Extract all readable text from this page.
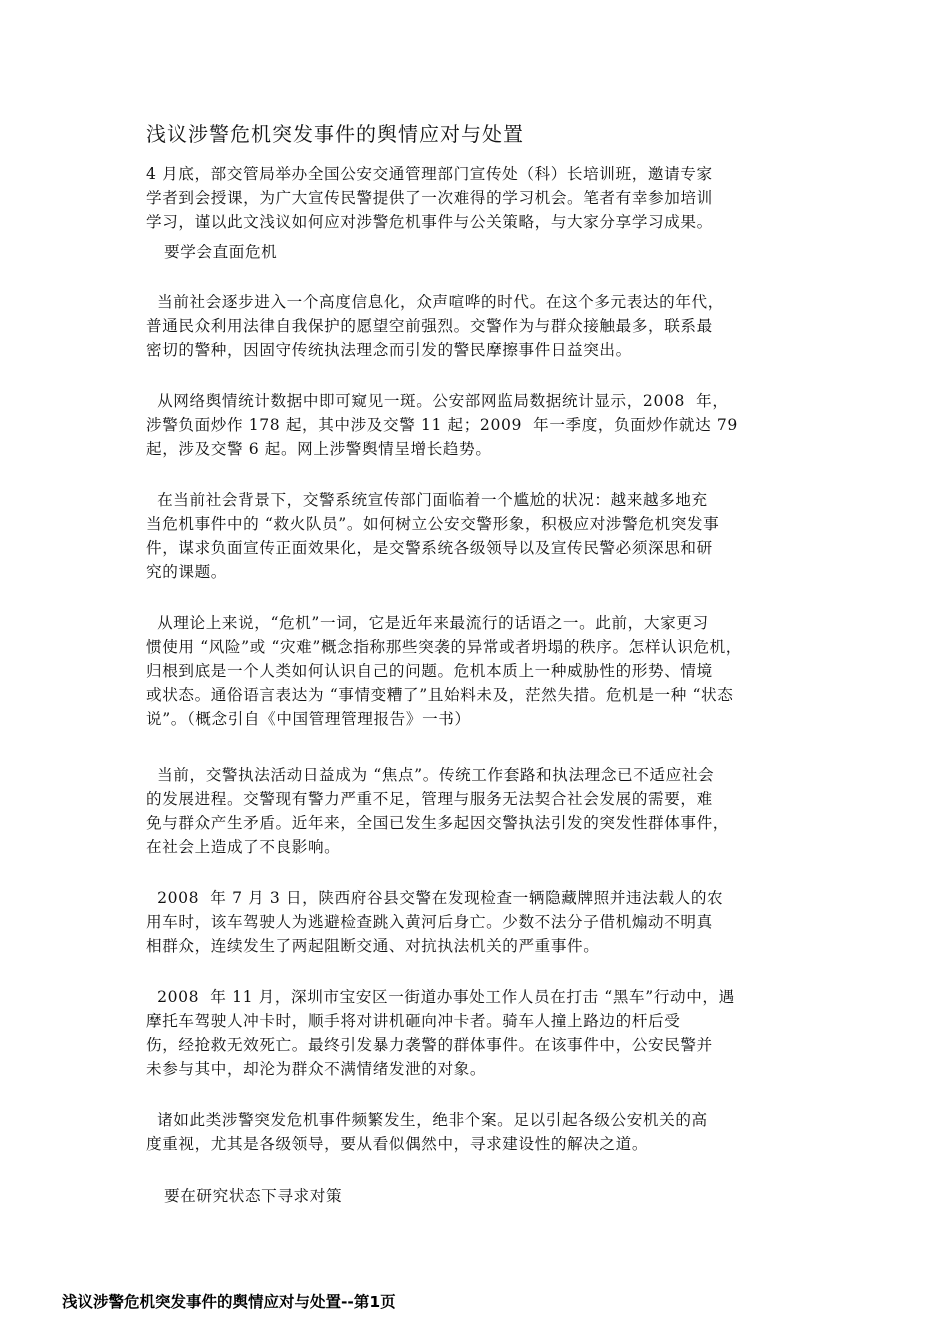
浅议涉警危机突发事件的舆情应对与处置
4 月底，部交管局举办全国公安交通管理部门宣传处（科）长培训班，邀请专家
学者到会授课，为广大宣传民警提供了一次难得的学习机会。笔者有幸参加培训
学习，谨以此文浅议如何应对涉警危机事件与公关策略，与大家分享学习成果。
要学会直面危机
当前社会逐步进入一个高度信息化，众声喧哗的时代。在这个多元表达的年代，
普通民众利用法律自我保护的愿望空前强烈。交警作为与群众接触最多，联系最
密切的警种，因固守传统执法理念而引发的警民摩擦事件日益突出。
从网络舆情统计数据中即可窥见一斑。公安部网监局数据统计显示，2008  年，
涉警负面炒作 178 起，其中涉及交警 11 起；2009  年一季度，负面炒作就达 79
起，涉及交警 6 起。网上涉警舆情呈增长趋势。
在当前社会背景下，交警系统宣传部门面临着一个尴尬的状况：越来越多地充
当危机事件中的 “救火队员”。如何树立公安交警形象，积极应对涉警危机突发事
件，谋求负面宣传正面效果化，是交警系统各级领导以及宣传民警必须深思和研
究的课题。
从理论上来说，“危机”一词，它是近年来最流行的话语之一。此前，大家更习
惯使用 “风险”或 “灾难”概念指称那些突袭的异常或者坍塌的秩序。怎样认识危机，
归根到底是一个人类如何认识自己的问题。危机本质上一种威胁性的形势、情境
或状态。通俗语言表达为 “事情变糟了”且始料未及，茫然失措。危机是一种 “状态
说”。（概念引自《中国管理管理报告》一书）
当前，交警执法活动日益成为 “焦点”。传统工作套路和执法理念已不适应社会
的发展进程。交警现有警力严重不足，管理与服务无法契合社会发展的需要，难
免与群众产生矛盾。近年来，全国已发生多起因交警执法引发的突发性群体事件，
在社会上造成了不良影响。
2008  年 7 月 3 日，陕西府谷县交警在发现检查一辆隐藏牌照并违法载人的农
用车时，该车驾驶人为逃避检查跳入黄河后身亡。少数不法分子借机煽动不明真
相群众，连续发生了两起阻断交通、对抗执法机关的严重事件。
2008  年 11 月，深圳市宝安区一街道办事处工作人员在打击 “黑车”行动中，遇
摩托车驾驶人冲卡时，顺手将对讲机砸向冲卡者。骑车人撞上路边的杆后受
伤，经抢救无效死亡。最终引发暴力袭警的群体事件。在该事件中，公安民警并
未参与其中，却沦为群众不满情绪发泄的对象。
诸如此类涉警突发危机事件频繁发生，绝非个案。足以引起各级公安机关的高
度重视，尤其是各级领导，要从看似偶然中，寻求建设性的解决之道。
要在研究状态下寻求对策
浅议涉警危机突发事件的舆情应对与处置--第1页
